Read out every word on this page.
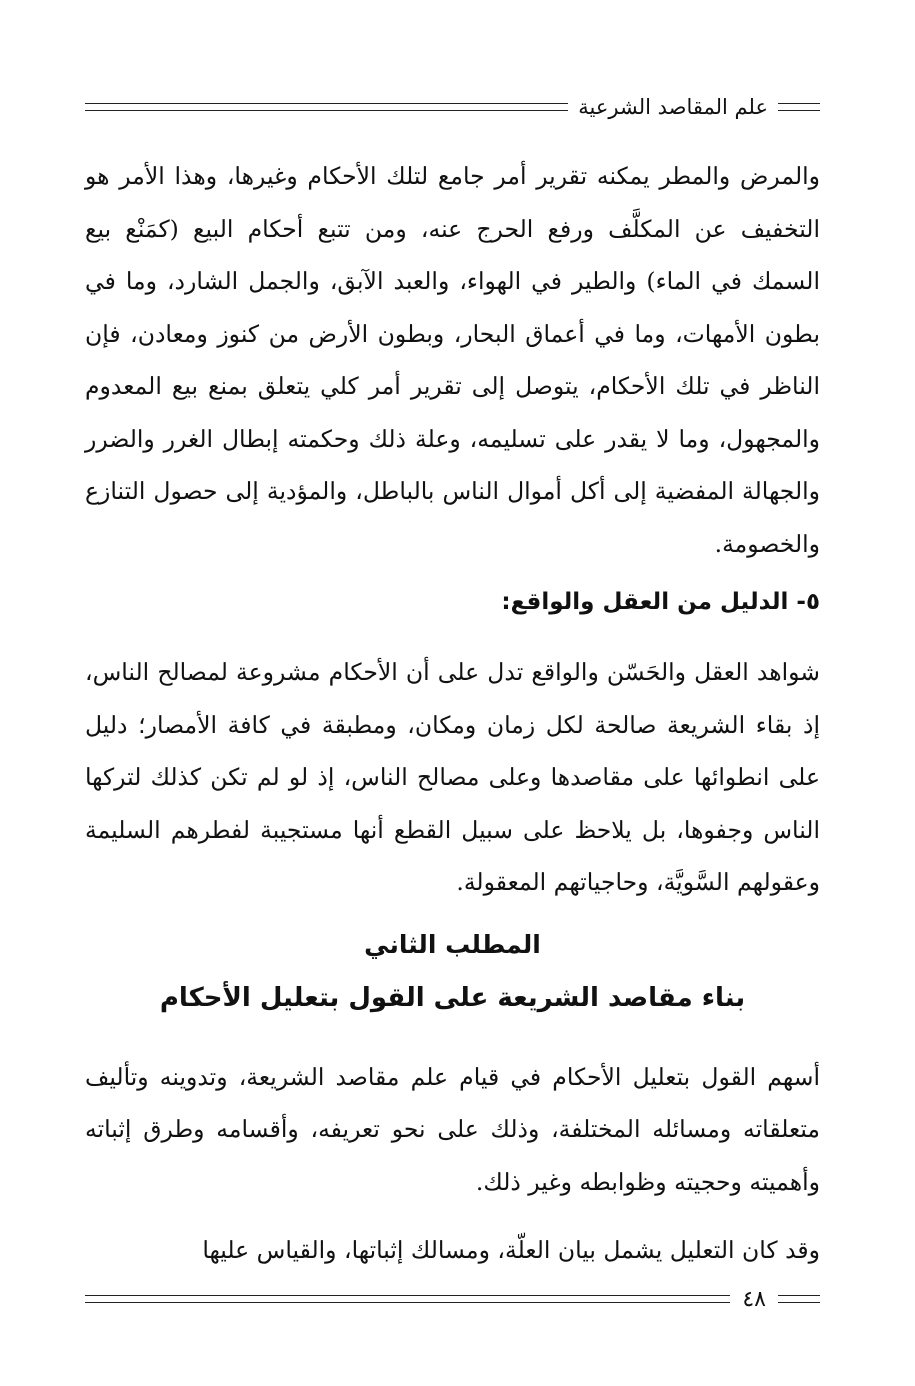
علم المقاصد الشرعية

والمرض والمطر يمكنه تقرير أمر جامع لتلك الأحكام وغيرها، وهذا الأمر هو التخفيف عن المكلَّف ورفع الحرج عنه، ومن تتبع أحكام البيع (كمَنْع بيع السمك في الماء) والطير في الهواء، والعبد الآبق، والجمل الشارد، وما في بطون الأمهات، وما في أعماق البحار، وبطون الأرض من كنوز ومعادن، فإن الناظر في تلك الأحكام، يتوصل إلى تقرير أمر كلي يتعلق بمنع بيع المعدوم والمجهول، وما لا يقدر على تسليمه، وعلة ذلك وحكمته إبطال الغرر والضرر والجهالة المفضية إلى أكل أموال الناس بالباطل، والمؤدية إلى حصول التنازع والخصومة.

٥- الدليل من العقل والواقع:

شواهد العقل والحَسّن والواقع تدل على أن الأحكام مشروعة لمصالح الناس، إذ بقاء الشريعة صالحة لكل زمان ومكان، ومطبقة في كافة الأمصار؛ دليل على انطوائها على مقاصدها وعلى مصالح الناس، إذ لو لم تكن كذلك لتركها الناس وجفوها، بل يلاحظ على سبيل القطع أنها مستجيبة لفطرهم السليمة وعقولهم السَّويَّة، وحاجياتهم المعقولة.

المطلب الثاني
بناء مقاصد الشريعة على القول بتعليل الأحكام

أسهم القول بتعليل الأحكام في قيام علم مقاصد الشريعة، وتدوينه وتأليف متعلقاته ومسائله المختلفة، وذلك على نحو تعريفه، وأقسامه وطرق إثباته وأهميته وحجيته وظوابطه وغير ذلك.

وقد كان التعليل يشمل بيان العلّة، ومسالك إثباتها، والقياس عليها

٤٨
